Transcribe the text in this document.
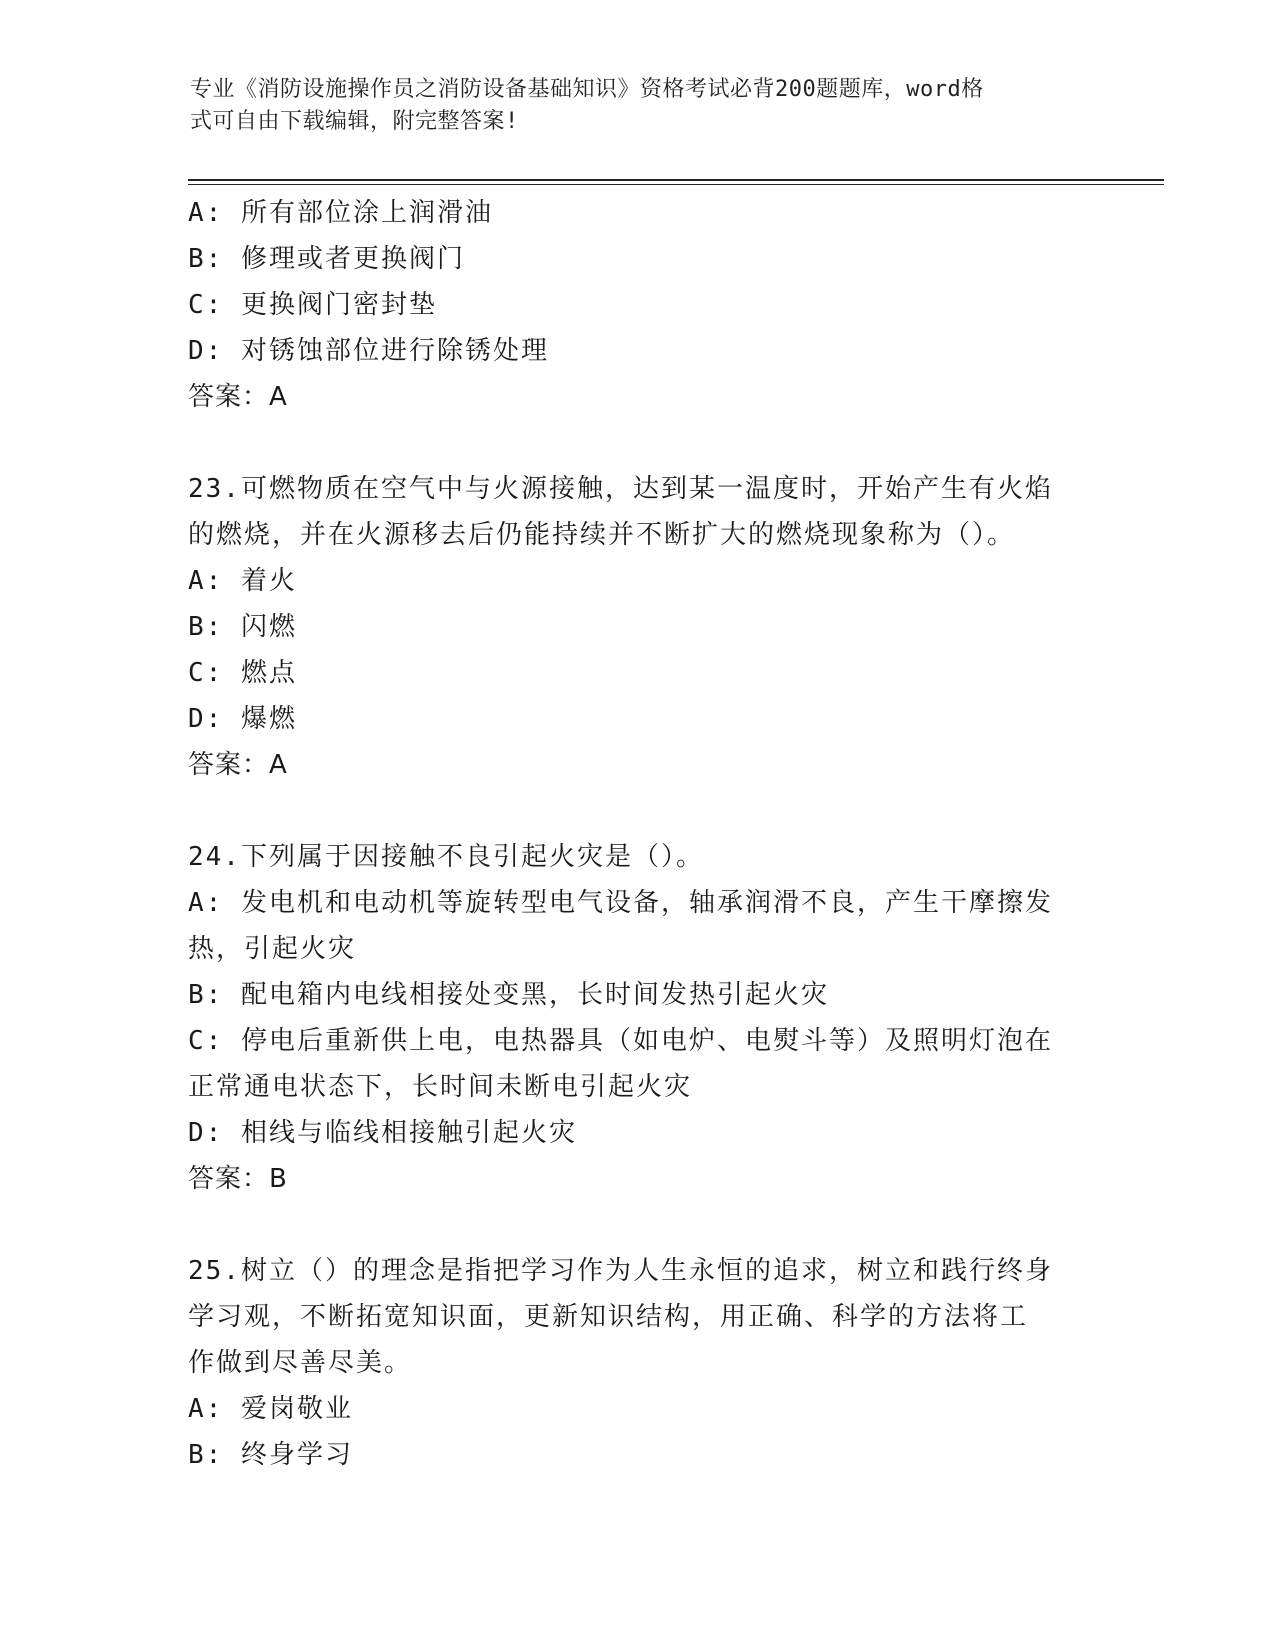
专业《消防设施操作员之消防设备基础知识》资格考试必背200题题库，word格
式可自由下载编辑，附完整答案!
A: 所有部位涂上润滑油
B: 修理或者更换阀门
C: 更换阀门密封垫
D: 对锈蚀部位进行除锈处理
答案：A
23.可燃物质在空气中与火源接触，达到某一温度时，开始产生有火焰
的燃烧，并在火源移去后仍能持续并不断扩大的燃烧现象称为（）。
A: 着火
B: 闪燃
C: 燃点
D: 爆燃
答案：A
24.下列属于因接触不良引起火灾是（）。
A: 发电机和电动机等旋转型电气设备，轴承润滑不良，产生干摩擦发
热，引起火灾
B: 配电箱内电线相接处变黑，长时间发热引起火灾
C: 停电后重新供上电，电热器具（如电炉、电熨斗等）及照明灯泡在
正常通电状态下，长时间未断电引起火灾
D: 相线与临线相接触引起火灾
答案：B
25.树立（）的理念是指把学习作为人生永恒的追求，树立和践行终身
学习观，不断拓宽知识面，更新知识结构，用正确、科学的方法将工
作做到尽善尽美。
A: 爱岗敬业
B: 终身学习
